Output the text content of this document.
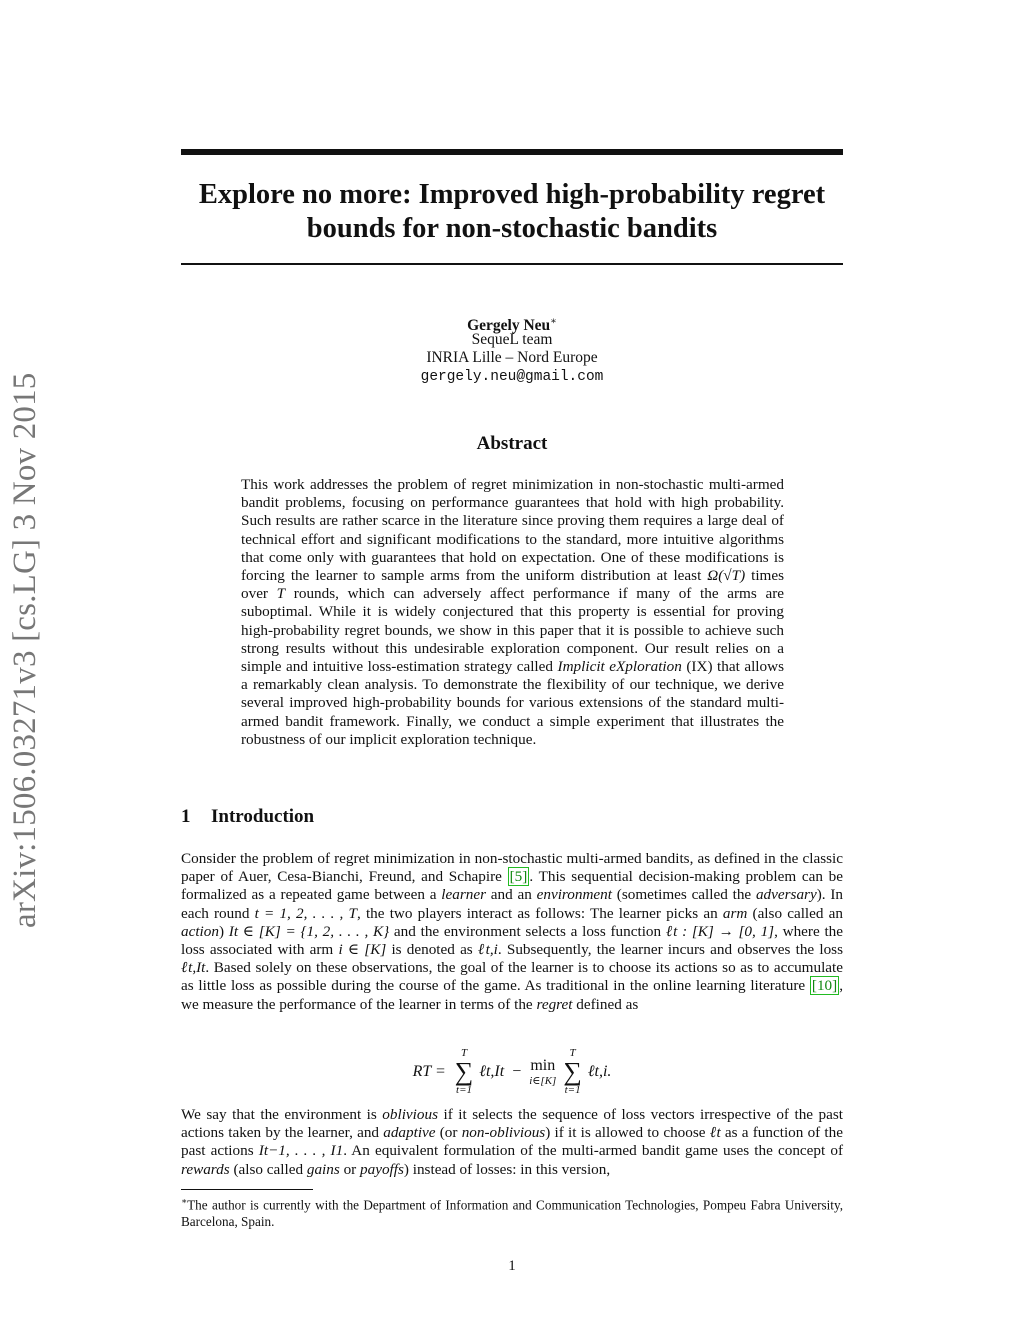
arXiv:1506.03271v3 [cs.LG] 3 Nov 2015
Explore no more: Improved high-probability regret bounds for non-stochastic bandits
Gergely Neu∗
SequeL team
INRIA Lille – Nord Europe
gergely.neu@gmail.com
Abstract

This work addresses the problem of regret minimization in non-stochastic multi-armed bandit problems, focusing on performance guarantees that hold with high probability. Such results are rather scarce in the literature since proving them requires a large deal of technical effort and significant modifications to the standard, more intuitive algorithms that come only with guarantees that hold on expectation. One of these modifications is forcing the learner to sample arms from the uniform distribution at least Ω(√T) times over T rounds, which can adversely affect performance if many of the arms are suboptimal. While it is widely conjectured that this property is essential for proving high-probability regret bounds, we show in this paper that it is possible to achieve such strong results without this undesirable exploration component. Our result relies on a simple and intuitive loss-estimation strategy called Implicit eXploration (IX) that allows a remarkably clean analysis. To demonstrate the flexibility of our technique, we derive several improved high-probability bounds for various extensions of the standard multi-armed bandit framework. Finally, we conduct a simple experiment that illustrates the robustness of our implicit exploration technique.

1 Introduction

Consider the problem of regret minimization in non-stochastic multi-armed bandits, as defined in the classic paper of Auer, Cesa-Bianchi, Freund, and Schapire [5] . This sequential decision-making problem can be formalized as a repeated game between a learner and an environment (sometimes called the adversary). In each round t = 1, 2, . . . , T, the two players interact as follows: The learner picks an arm (also called an action) It ∈ [K] = {1, 2, . . . , K} and the environment selects a loss function ℓt : [K] → [0, 1], where the loss associated with arm i ∈ [K] is denoted as ℓt,i. Subsequently, the learner incurs and observes the loss ℓt,It. Based solely on these observations, the goal of the learner is to choose its actions so as to accumulate as little loss as possible during the course of the game. As traditional in the online learning literature [10] , we measure the performance of the learner in terms of the regret defined as

RT =
T
∑
t=1
ℓt,It − min
i∈[K]
T
∑
t=1
ℓt,i.

We say that the environment is oblivious if it selects the sequence of loss vectors irrespective of the past actions taken by the learner, and adaptive (or non-oblivious) if it is allowed to choose ℓt as a function of the past actions It−1, . . . , I1. An equivalent formulation of the multi-armed bandit game uses the concept of rewards (also called gains or payoffs) instead of losses: in this version,

∗The author is currently with the Department of Information and Communication Technologies, Pompeu Fabra University, Barcelona, Spain.

1
